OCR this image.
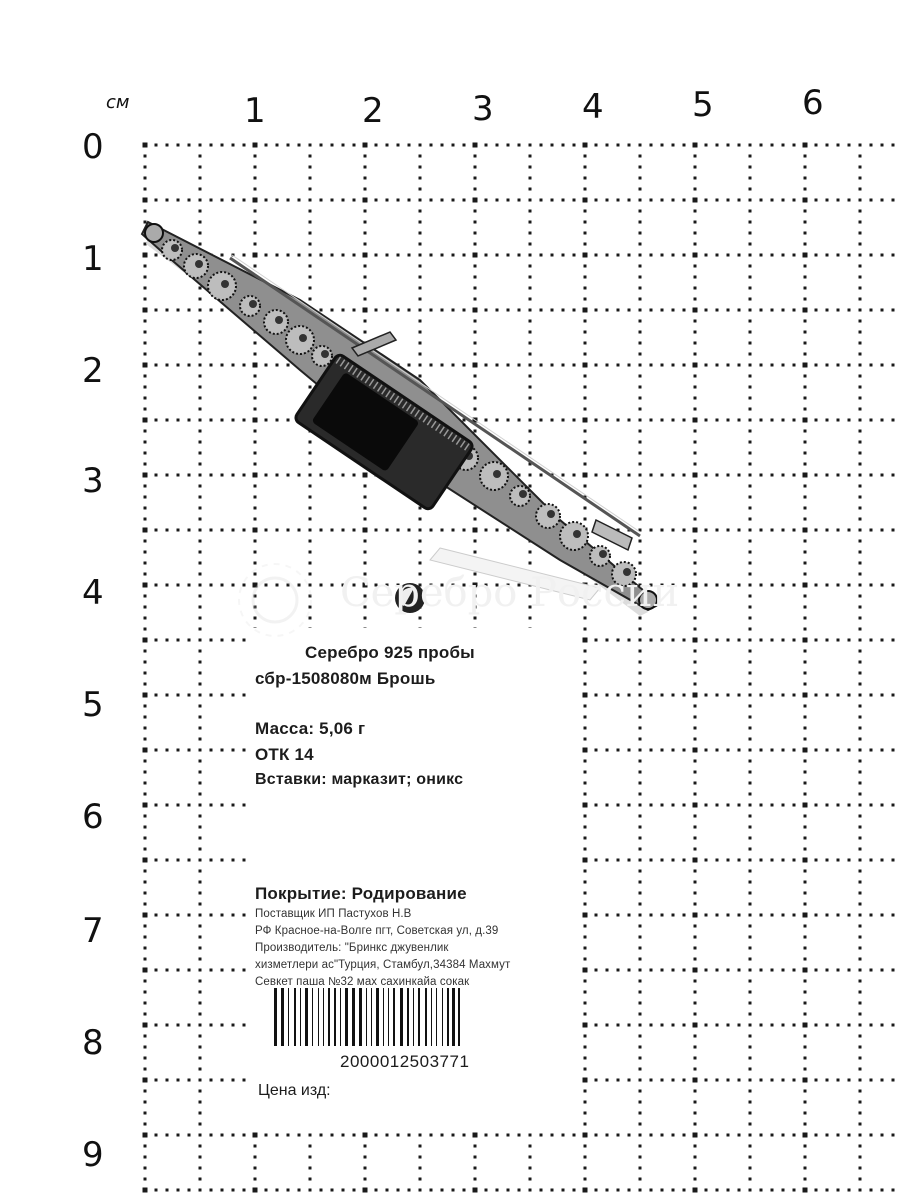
см	1	2	3	4	5	6
0
1
2
3
4
5
6
7
8
9
Серебро России
Серебро 925 пробы
сбр-1508080м Брошь
Масса: 5,06 г
ОТК 14
Вставки: марказит; оникс
Покрытие: Родирование
Поставщик ИП Пастухов Н.В
РФ Красное-на-Волге пгт, Советская ул, д.39
Производитель: "Бринкс джувенлик
хизметлери ас"Турция, Стамбул,34384 Махмут
Севкет паша №32 мах сахинкайа сокак
2000012503771
Цена изд:
